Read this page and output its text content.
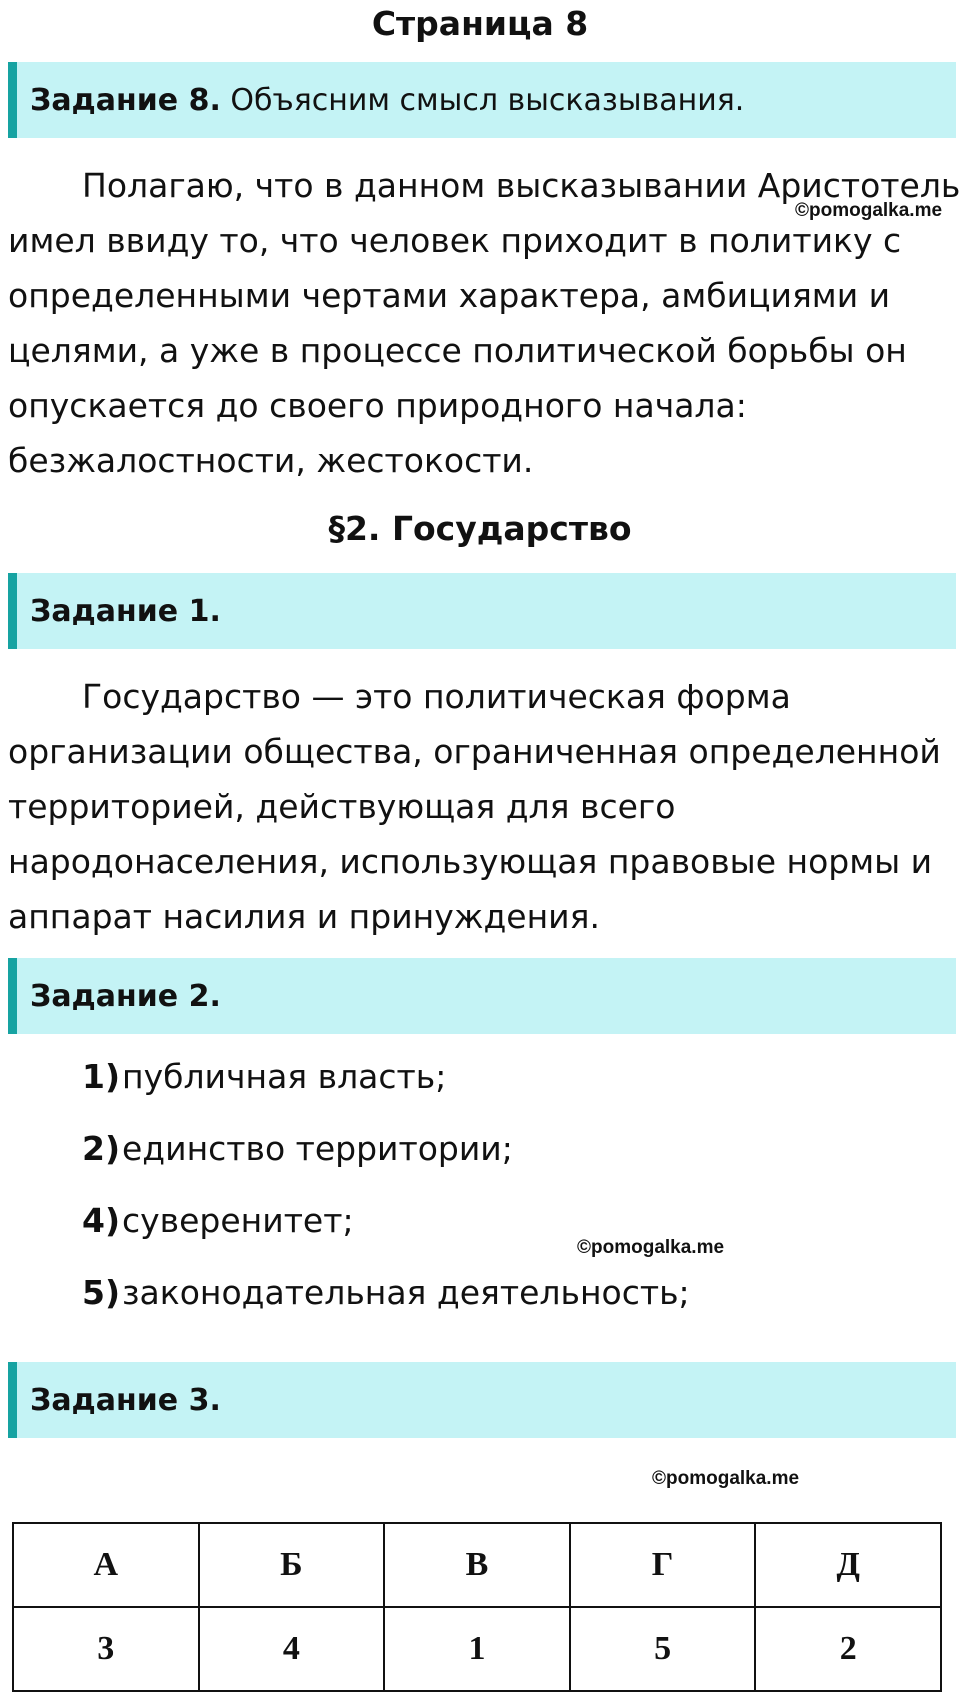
Страница 8
Задание 8.
Объясним смысл высказывания.
Полагаю, что в данном высказывании Аристотель
имел ввиду то, что человек приходит в политику с
определенными чертами характера, амбициями и
целями, а уже в процессе политической борьбы он
опускается до своего природного начала:
безжалостности, жестокости.
©pomogalka.me
§2. Государство
Задание 1.
Государство — это политическая форма
организации общества, ограниченная определенной
территорией, действующая для всего
народонаселения, использующая правовые нормы и
аппарат насилия и принуждения.
Задание 2.
1)публичная власть;
2)единство территории;
4)суверенитет;
©pomogalka.me
5)законодательная деятельность;
Задание 3.
©pomogalka.me
А	Б	В	Г	Д
3	4	1	5	2
